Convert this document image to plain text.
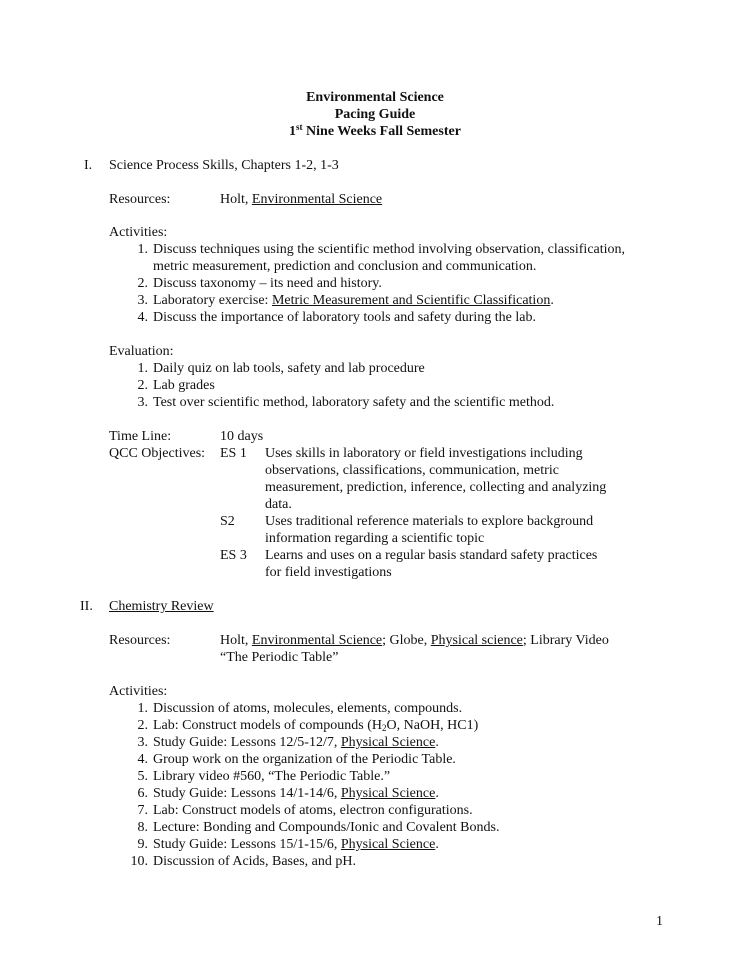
Environmental Science
Pacing Guide
1st Nine Weeks Fall Semester
I. Science Process Skills, Chapters 1-2, 1-3
Resources:	Holt, Environmental Science
Activities:
1. Discuss techniques using the scientific method involving observation, classification,
metric measurement, prediction and conclusion and communication.
2. Discuss taxonomy – its need and history.
3. Laboratory exercise: Metric Measurement and Scientific Classification.
4. Discuss the importance of laboratory tools and safety during the lab.
Evaluation:
1. Daily quiz on lab tools, safety and lab procedure
2. Lab grades
3. Test over scientific method, laboratory safety and the scientific method.
Time Line:	10 days
QCC Objectives: ES 1 Uses skills in laboratory or field investigations including
observations, classifications, communication, metric
measurement, prediction, inference, collecting and analyzing
data.
S2 Uses traditional reference materials to explore background
information regarding a scientific topic
ES 3 Learns and uses on a regular basis standard safety practices
for field investigations
II. Chemistry Review
Resources:	Holt, Environmental Science; Globe, Physical science; Library Video
“The Periodic Table”
Activities:
1. Discussion of atoms, molecules, elements, compounds.
2. Lab: Construct models of compounds ($H_2O$, NaOH, HC1)
3. Study Guide: Lessons 12/5-12/7, Physical Science.
4. Group work on the organization of the Periodic Table.
5. Library video #560, “The Periodic Table.”
6. Study Guide: Lessons 14/1-14/6, Physical Science.
7. Lab: Construct models of atoms, electron configurations.
8. Lecture: Bonding and Compounds/Ionic and Covalent Bonds.
9. Study Guide: Lessons 15/1-15/6, Physical Science.
10. Discussion of Acids, Bases, and pH.
1
